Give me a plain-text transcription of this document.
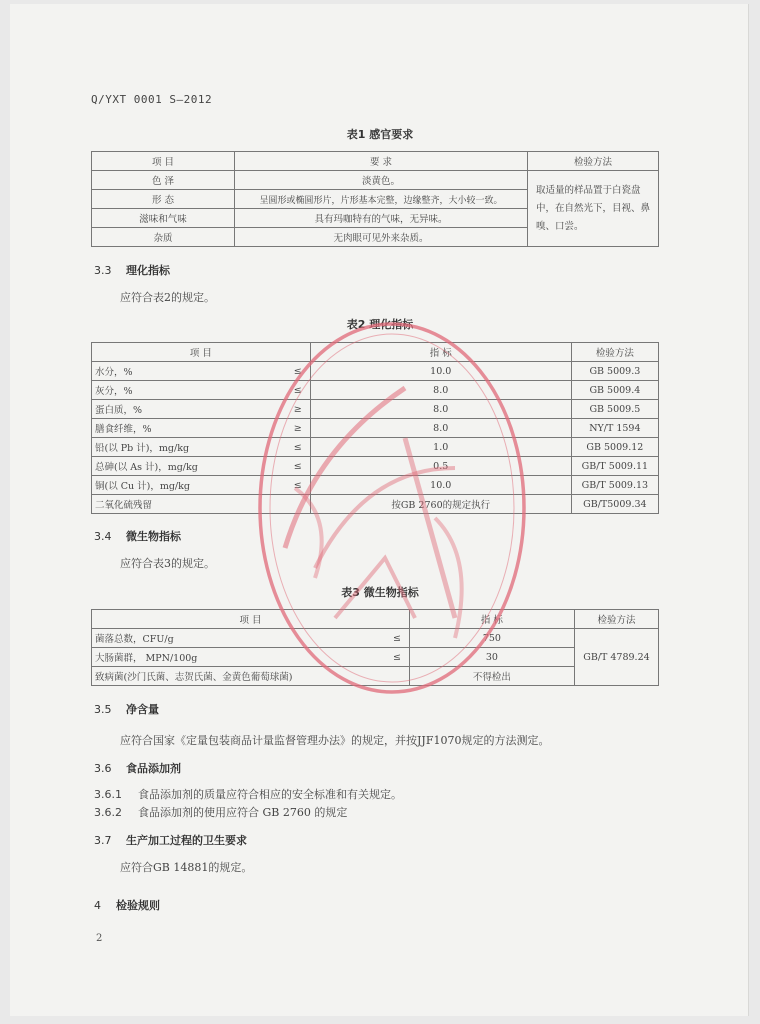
Q/YXT 0001 S—2012
表1 感官要求
项 目	要 求	检验方法
色 泽	淡黄色。	取适量的样品置于白瓷盘中，在自然光下，目视、鼻嗅、口尝。
形 态	呈圆形或椭圆形片，片形基本完整，边缘整齐，大小较一致。	
滋味和气味	具有玛咖特有的气味，无异味。	
杂质	无肉眼可见外来杂质。	
3.3 理化指标
应符合表2的规定。
表2 理化指标
项 目		指 标	检验方法
水分，%	≤	10.0	GB 5009.3
灰分，%	≤	8.0	GB 5009.4
蛋白质，%	≥	8.0	GB 5009.5
膳食纤维，%	≥	8.0	NY/T 1594
铅(以 Pb 计)，mg/kg	≤	1.0	GB 5009.12
总砷(以 As 计)，mg/kg	≤	0.5	GB/T 5009.11
铜(以 Cu 计)，mg/kg	≤	10.0	GB/T 5009.13
二氧化硫残留		按GB 2760的规定执行	GB/T5009.34
3.4 微生物指标
应符合表3的规定。
表3 微生物指标
项 目		指 标	检验方法
菌落总数，CFU/g	≤	750	GB/T 4789.24
大肠菌群， MPN/100g	≤	30	
致病菌(沙门氏菌、志贺氏菌、金黄色葡萄球菌)		不得检出	
3.5 净含量
应符合国家《定量包装商品计量监督管理办法》的规定，并按JJF1070规定的方法测定。
3.6 食品添加剂
3.6.1 食品添加剂的质量应符合相应的安全标准和有关规定。
3.6.2 食品添加剂的使用应符合 GB 2760 的规定
3.7 生产加工过程的卫生要求
应符合GB 14881的规定。
4 检验规则
2
